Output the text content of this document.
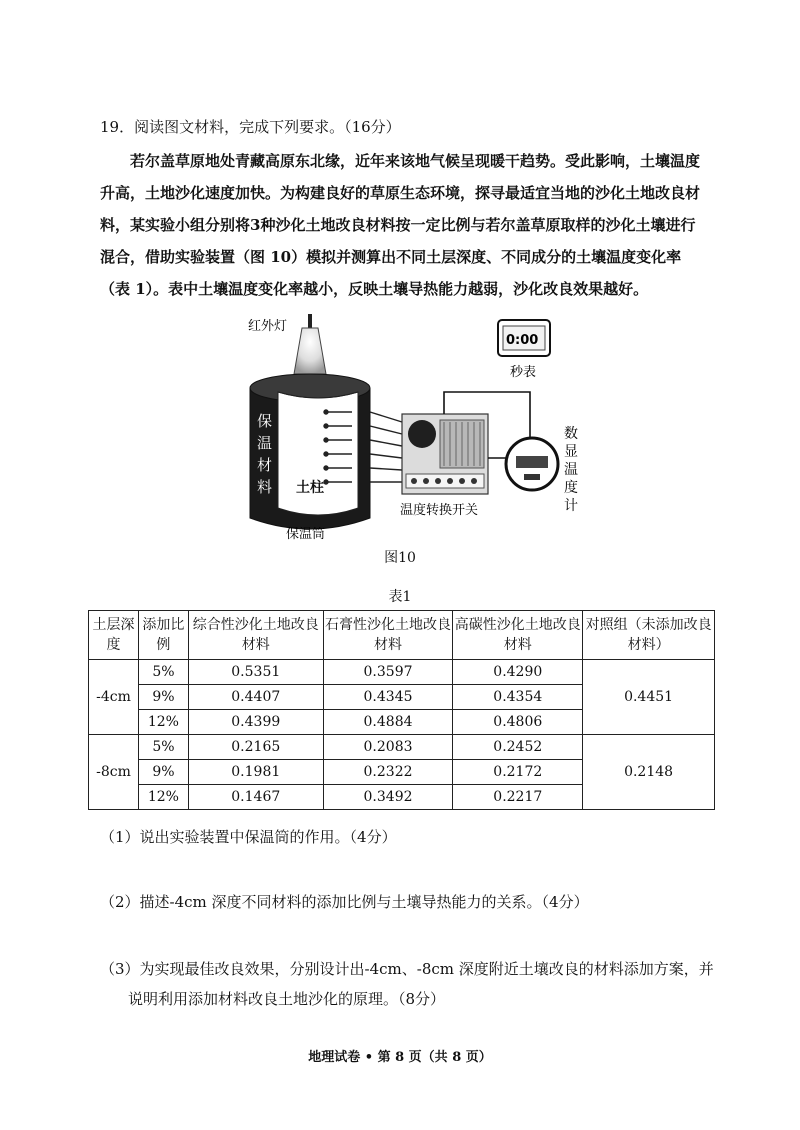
19．阅读图文材料，完成下列要求。（16分）
若尔盖草原地处青藏高原东北缘，近年来该地气候呈现暖干趋势。受此影响，土壤温度升高，土地沙化速度加快。为构建良好的草原生态环境，探寻最适宜当地的沙化土地改良材料，某实验小组分别将3种沙化土地改良材料按一定比例与若尔盖草原取样的沙化土壤进行混合，借助实验装置（图 10）模拟并测算出不同土层深度、不同成分的土壤温度变化率（表 1）。表中土壤温度变化率越小，反映土壤导热能力越弱，沙化改良效果越好。
红外灯
保
温
材
料 土柱
保温筒
温度转换开关
数
显
温
度
计
0:00
秒表
图10
表1
土层深度	添加比例	综合性沙化土地改良材料	石膏性沙化土地改良材料	高碳性沙化土地改良材料	对照组（未添加改良材料）
-4cm	5%	0.5351	0.3597	0.4290	0.4451
	9%	0.4407	0.4345	0.4354	
	12%	0.4399	0.4884	0.4806	
-8cm	5%	0.2165	0.2083	0.2452	0.2148
	9%	0.1981	0.2322	0.2172	
	12%	0.1467	0.3492	0.2217	
（1）说出实验装置中保温筒的作用。（4分）
（2）描述-4cm 深度不同材料的添加比例与土壤导热能力的关系。（4分）
（3）为实现最佳改良效果，分别设计出-4cm、-8cm 深度附近土壤改良的材料添加方案，并
说明利用添加材料改良土地沙化的原理。（8分）
地理试卷 • 第 8 页（共 8 页）
